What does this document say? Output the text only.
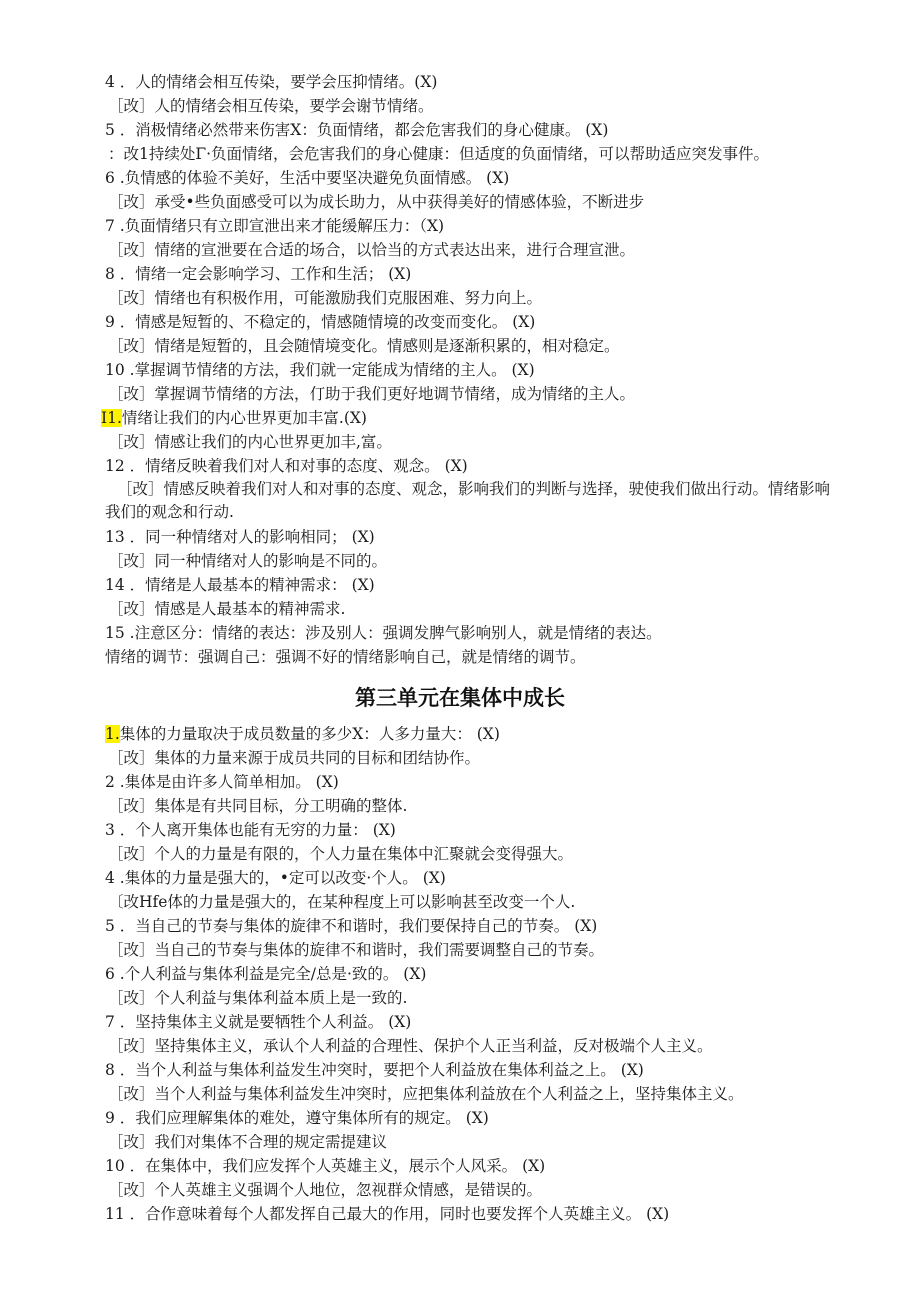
4 ．人的情绪会相互传染，要学会压抑情绪。(X)
［改］人的情绪会相互传染，要学会谢节情绪。
5 ．消极情绪必然带来伤害X：负面情绪，都会危害我们的身心健康。 (X)
：改1持续处Γ·负面情绪，会危害我们的身心健康：但适度的负面情绪，可以帮助适应突发事件。
6 .负情感的体验不美好，生活中要坚决避免负面情感。 (X)
［改］承受•些负面感受可以为成长助力，从中获得美好的情感体验，不断进步
7 .负面情绪只有立即宣泄出来才能缓解压力：（X)
［改］情绪的宣泄要在合适的场合，以恰当的方式表达出来，进行合理宣泄。
8 ．情绪一定会影响学习、工作和生活； (X)
［改］情绪也有积极作用，可能激励我们克服困难、努力向上。
9 ．情感是短暂的、不稳定的，情感随情境的改变而变化。 (X)
［改］情绪是短暂的，且会随情境变化。情感则是逐渐积累的，相对稳定。
10 .掌握调节情绪的方法，我们就一定能成为情绪的主人。 (X)
［改］掌握调节情绪的方法，仃助于我们更好地调节情绪，成为情绪的主人。
I1.情绪让我们的内心世界更加丰富.(X)
［改］情感让我们的内心世界更加丰,富。
12 ．情绪反映着我们对人和对事的态度、观念。 (X)
［改］情感反映着我们对人和对事的态度、观念，影响我们的判断与选择，驶使我们做出行动。情绪影响我们的观念和行动.
13 ．同一种情绪对人的影响相同； (X)
［改］同一种情绪对人的影响是不同的。
14 ．情绪是人最基本的精神需求： (X)
［改］情感是人最基本的精神需求.
15 .注意区分：情绪的表达：涉及别人：强调发脾气影响别人，就是情绪的表达。
情绪的调节：强调自己：强调不好的情绪影响自己，就是情绪的调节。
第三单元在集体中成长
1.集体的力量取决于成员数量的多少X：人多力量大： (X)
［改］集体的力量来源于成员共同的目标和团结协作。
2 .集体是由许多人简单相加。 (X)
［改］集体是有共同目标，分工明确的整体.
3 ．个人离开集体也能有无穷的力量： (X)
［改］个人的力量是有限的，个人力量在集体中汇聚就会变得强大。
4 .集体的力量是强大的，•定可以改变·个人。 (X)
〔改Hfe体的力量是强大的，在某种程度上可以影响甚至改变一个人.
5 ．当自己的节奏与集体的旋律不和谐时，我们要保持自己的节奏。 (X)
［改］当自己的节奏与集体的旋律不和谐时，我们需要调整自己的节奏。
6 .个人利益与集体利益是完全/总是·致的。 (X)
［改］个人利益与集体利益本质上是一致的.
7 ．坚持集体主义就是要牺牲个人利益。 (X)
［改］坚持集体主义，承认个人利益的合理性、保护个人正当利益，反对极端个人主义。
8 ．当个人利益与集体利益发生冲突时，要把个人利益放在集体利益之上。 (X)
［改］当个人利益与集体利益发生冲突时，应把集体利益放在个人利益之上，坚持集体主义。
9 ．我们应理解集体的难处，遵守集体所有的规定。 (X)
［改］我们对集体不合理的规定需提建议
10 ．在集体中，我们应发挥个人英雄主义，展示个人风采。 (X)
［改］个人英雄主义强调个人地位，忽视群众情感，是错误的。
11 ．合作意味着每个人都发挥自己最大的作用，同时也要发挥个人英雄主义。 (X)
